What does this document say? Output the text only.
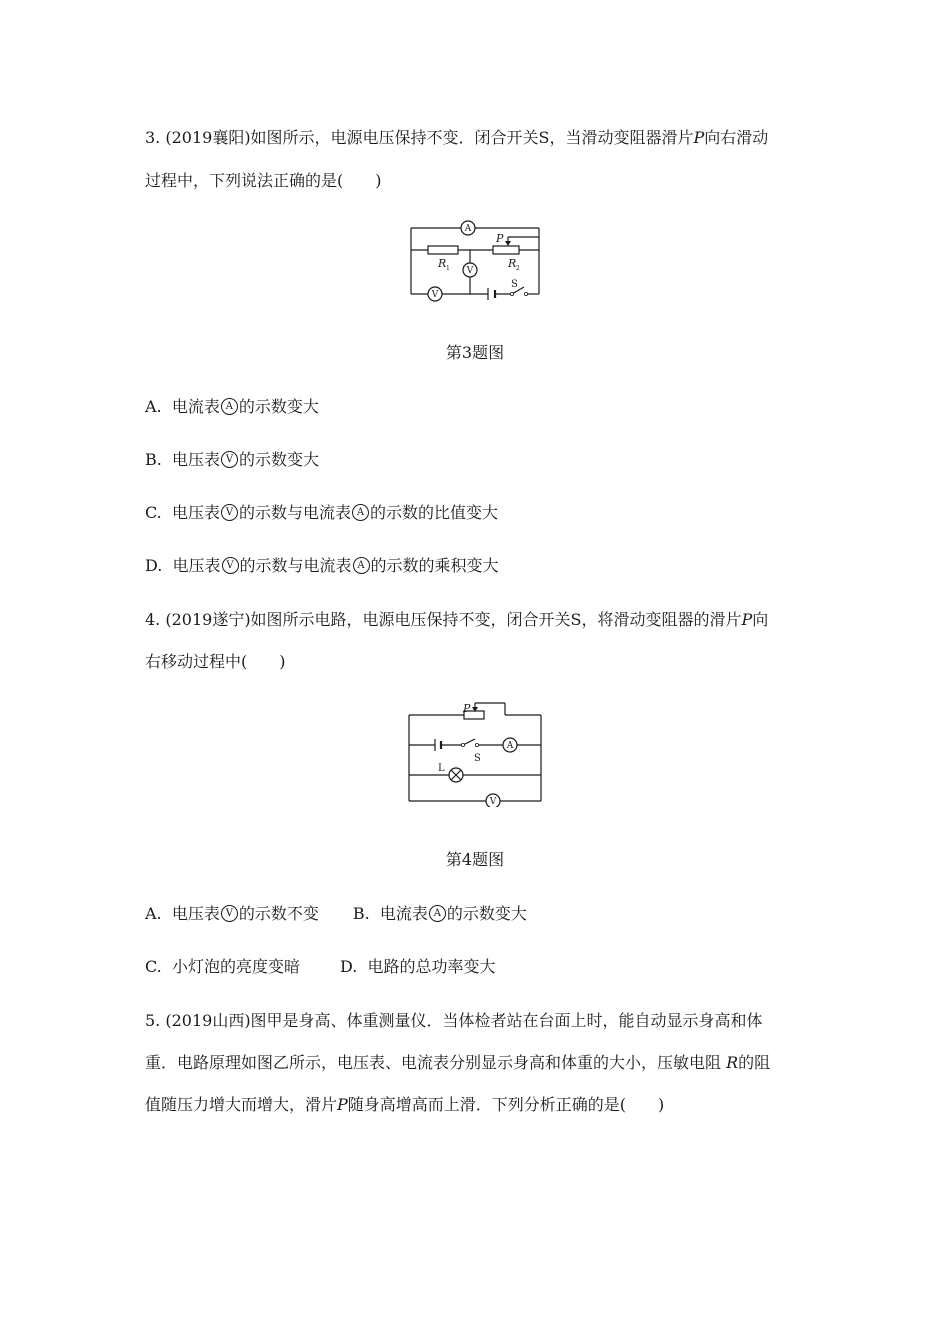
3. (2019襄阳)如图所示，电源电压保持不变．闭合开关S，当滑动变阻器滑片P向右滑动
过程中，下列说法正确的是(　　)
A
V
V
R	R
P
1	2
S
第3题图
A. 电流表 A 的示数变大
B. 电压表 V 的示数变大
C. 电压表 V 的示数与电流表 A 的示数的比值变大
D. 电压表 V 的示数与电流表 A 的示数的乘积变大
4. (2019遂宁)如图所示电路，电源电压保持不变，闭合开关S，将滑动变阻器的滑片P向
右移动过程中(　　)
P
S
A
L
V
第4题图
A. 电压表 V 的示数不变 B. 电流表 A 的示数变大
C. 小灯泡的亮度变暗	D. 电路的总功率变大
5. (2019山西)图甲是身高、体重测量仪．当体检者站在台面上时，能自动显示身高和体
重．电路原理如图乙所示，电压表、电流表分别显示身高和体重的大小，压敏电阻 R的阻
值随压力增大而增大，滑片P随身高增高而上滑．下列分析正确的是(　　)
